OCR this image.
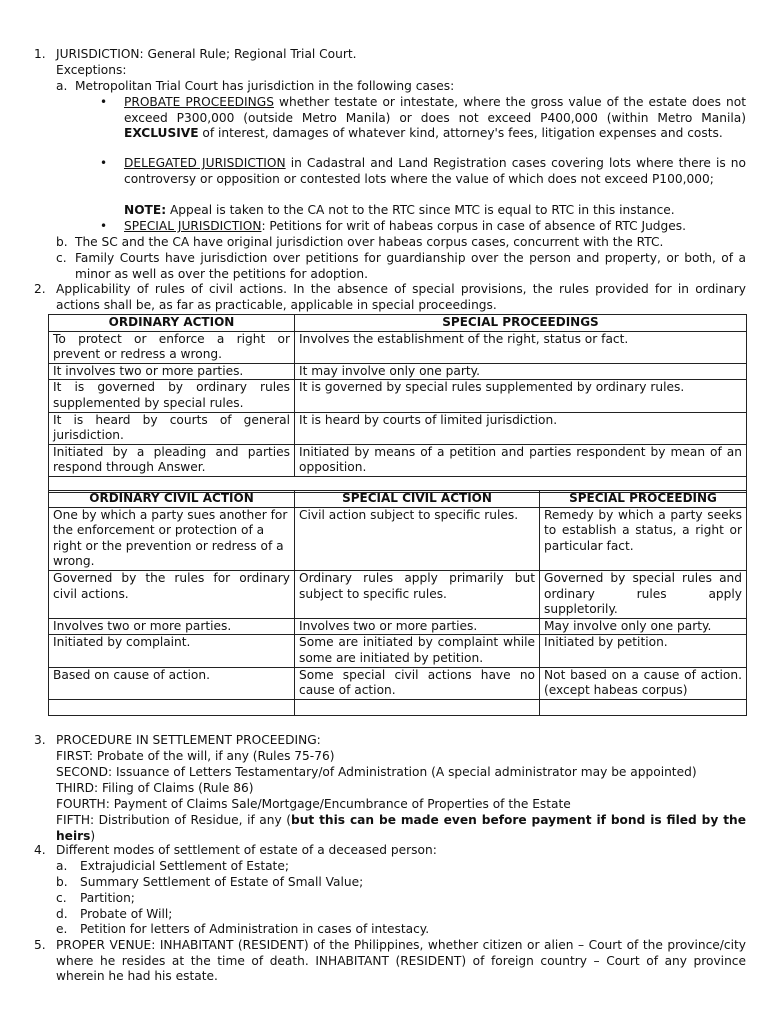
1. JURISDICTION: General Rule; Regional Trial Court.
Exceptions:
a. Metropolitan Trial Court has jurisdiction in the following cases:
• PROBATE PROCEEDINGS whether testate or intestate, where the gross value of the estate does not exceed P300,000 (outside Metro Manila) or does not exceed P400,000 (within Metro Manila) EXCLUSIVE of interest, damages of whatever kind, attorney's fees, litigation expenses and costs.
• DELEGATED JURISDICTION in Cadastral and Land Registration cases covering lots where there is no controversy or opposition or contested lots where the value of which does not exceed P100,000;
NOTE: Appeal is taken to the CA not to the RTC since MTC is equal to RTC in this instance.
• SPECIAL JURISDICTION: Petitions for writ of habeas corpus in case of absence of RTC Judges.
b. The SC and the CA have original jurisdiction over habeas corpus cases, concurrent with the RTC.
c. Family Courts have jurisdiction over petitions for guardianship over the person and property, or both, of a minor as well as over the petitions for adoption.
2. Applicability of rules of civil actions. In the absence of special provisions, the rules provided for in ordinary actions shall be, as far as practicable, applicable in special proceedings.
ORDINARY ACTION	SPECIAL PROCEEDINGS
To protect or enforce a right or prevent or redress a wrong.	Involves the establishment of the right, status or fact.
It involves two or more parties.	It may involve only one party.
It is governed by ordinary rules supplemented by special rules.	It is governed by special rules supplemented by ordinary rules.
It is heard by courts of general jurisdiction.	It is heard by courts of limited jurisdiction.
Initiated by a pleading and parties respond through Answer.	Initiated by means of a petition and parties respondent by mean of an opposition.

ORDINARY CIVIL ACTION	SPECIAL CIVIL ACTION	SPECIAL PROCEEDING
One by which a party sues another for the enforcement or protection of a right or the prevention or redress of a wrong.	Civil action subject to specific rules.	Remedy by which a party seeks to establish a status, a right or particular fact.
Governed by the rules for ordinary civil actions.	Ordinary rules apply primarily but subject to specific rules.	Governed by special rules and ordinary rules apply suppletorily.
Involves two or more parties.	Involves two or more parties.	May involve only one party.
Initiated by complaint.	Some are initiated by complaint while some are initiated by petition.	Initiated by petition.
Based on cause of action.	Some special civil actions have no cause of action.	Not based on a cause of action. (except habeas corpus)

3. PROCEDURE IN SETTLEMENT PROCEEDING:
FIRST: Probate of the will, if any (Rules 75-76)
SECOND: Issuance of Letters Testamentary/of Administration (A special administrator may be appointed)
THIRD: Filing of Claims (Rule 86)
FOURTH: Payment of Claims Sale/Mortgage/Encumbrance of Properties of the Estate
FIFTH: Distribution of Residue, if any (but this can be made even before payment if bond is filed by the heirs)
4. Different modes of settlement of estate of a deceased person:
a. Extrajudicial Settlement of Estate;
b. Summary Settlement of Estate of Small Value;
c. Partition;
d. Probate of Will;
e. Petition for letters of Administration in cases of intestacy.
5. PROPER VENUE: INHABITANT (RESIDENT) of the Philippines, whether citizen or alien – Court of the province/city where he resides at the time of death. INHABITANT (RESIDENT) of foreign country – Court of any province wherein he had his estate.
